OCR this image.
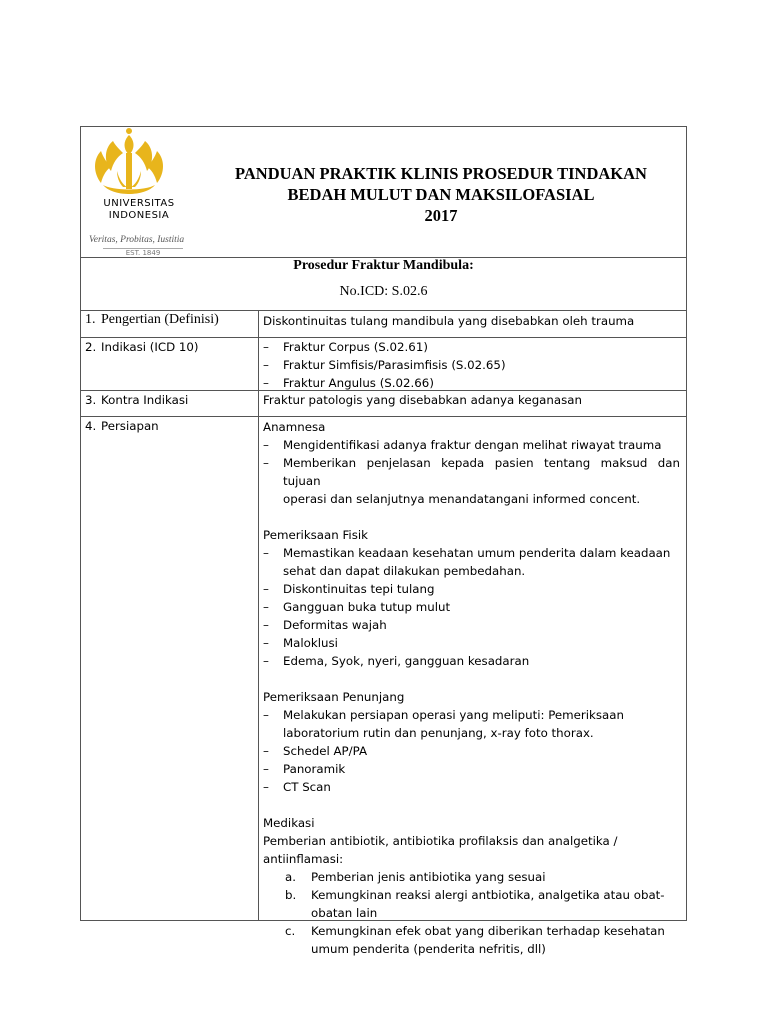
UNIVERSITAS
INDONESIA
Veritas, Probitas, Iustitia
EST. 1849
PANDUAN PRAKTIK KLINIS PROSEDUR TINDAKAN
BEDAH MULUT DAN MAKSILOFASIAL
2017
Prosedur Fraktur Mandibula:
No.ICD: S.02.6
1. Pengertian (Definisi)	Diskontinuitas tulang mandibula yang disebabkan oleh trauma
2. Indikasi (ICD 10)
–	Fraktur Corpus (S.02.61)
– Fraktur Simfisis/Parasimfisis (S.02.65)
– Fraktur Angulus (S.02.66)
3. Kontra Indikasi	Fraktur patologis yang disebabkan adanya keganasan
4. Persiapan	Anamnesa
– Mengidentifikasi adanya fraktur dengan melihat riwayat trauma
– Memberikan penjelasan kepada pasien tentang maksud dan tujuan
operasi dan selanjutnya menandatangani informed concent.
Pemeriksaan Fisik
– Memastikan keadaan kesehatan umum penderita dalam keadaan
sehat dan dapat dilakukan pembedahan.
– Diskontinuitas tepi tulang
– Gangguan buka tutup mulut
– Deformitas wajah
– Maloklusi
– Edema, Syok, nyeri, gangguan kesadaran
Pemeriksaan Penunjang
– Melakukan persiapan operasi yang meliputi: Pemeriksaan
laboratorium rutin dan penunjang, x-ray foto thorax.
– Schedel AP/PA
– Panoramik
– CT Scan
Medikasi
Pemberian antibiotik, antibiotika profilaksis dan analgetika /
antiinflamasi:
a. Pemberian jenis antibiotika yang sesuai
b. Kemungkinan reaksi alergi antbiotika, analgetika atau obat-
obatan lain
c. Kemungkinan efek obat yang diberikan terhadap kesehatan
umum penderita (penderita nefritis, dll)
